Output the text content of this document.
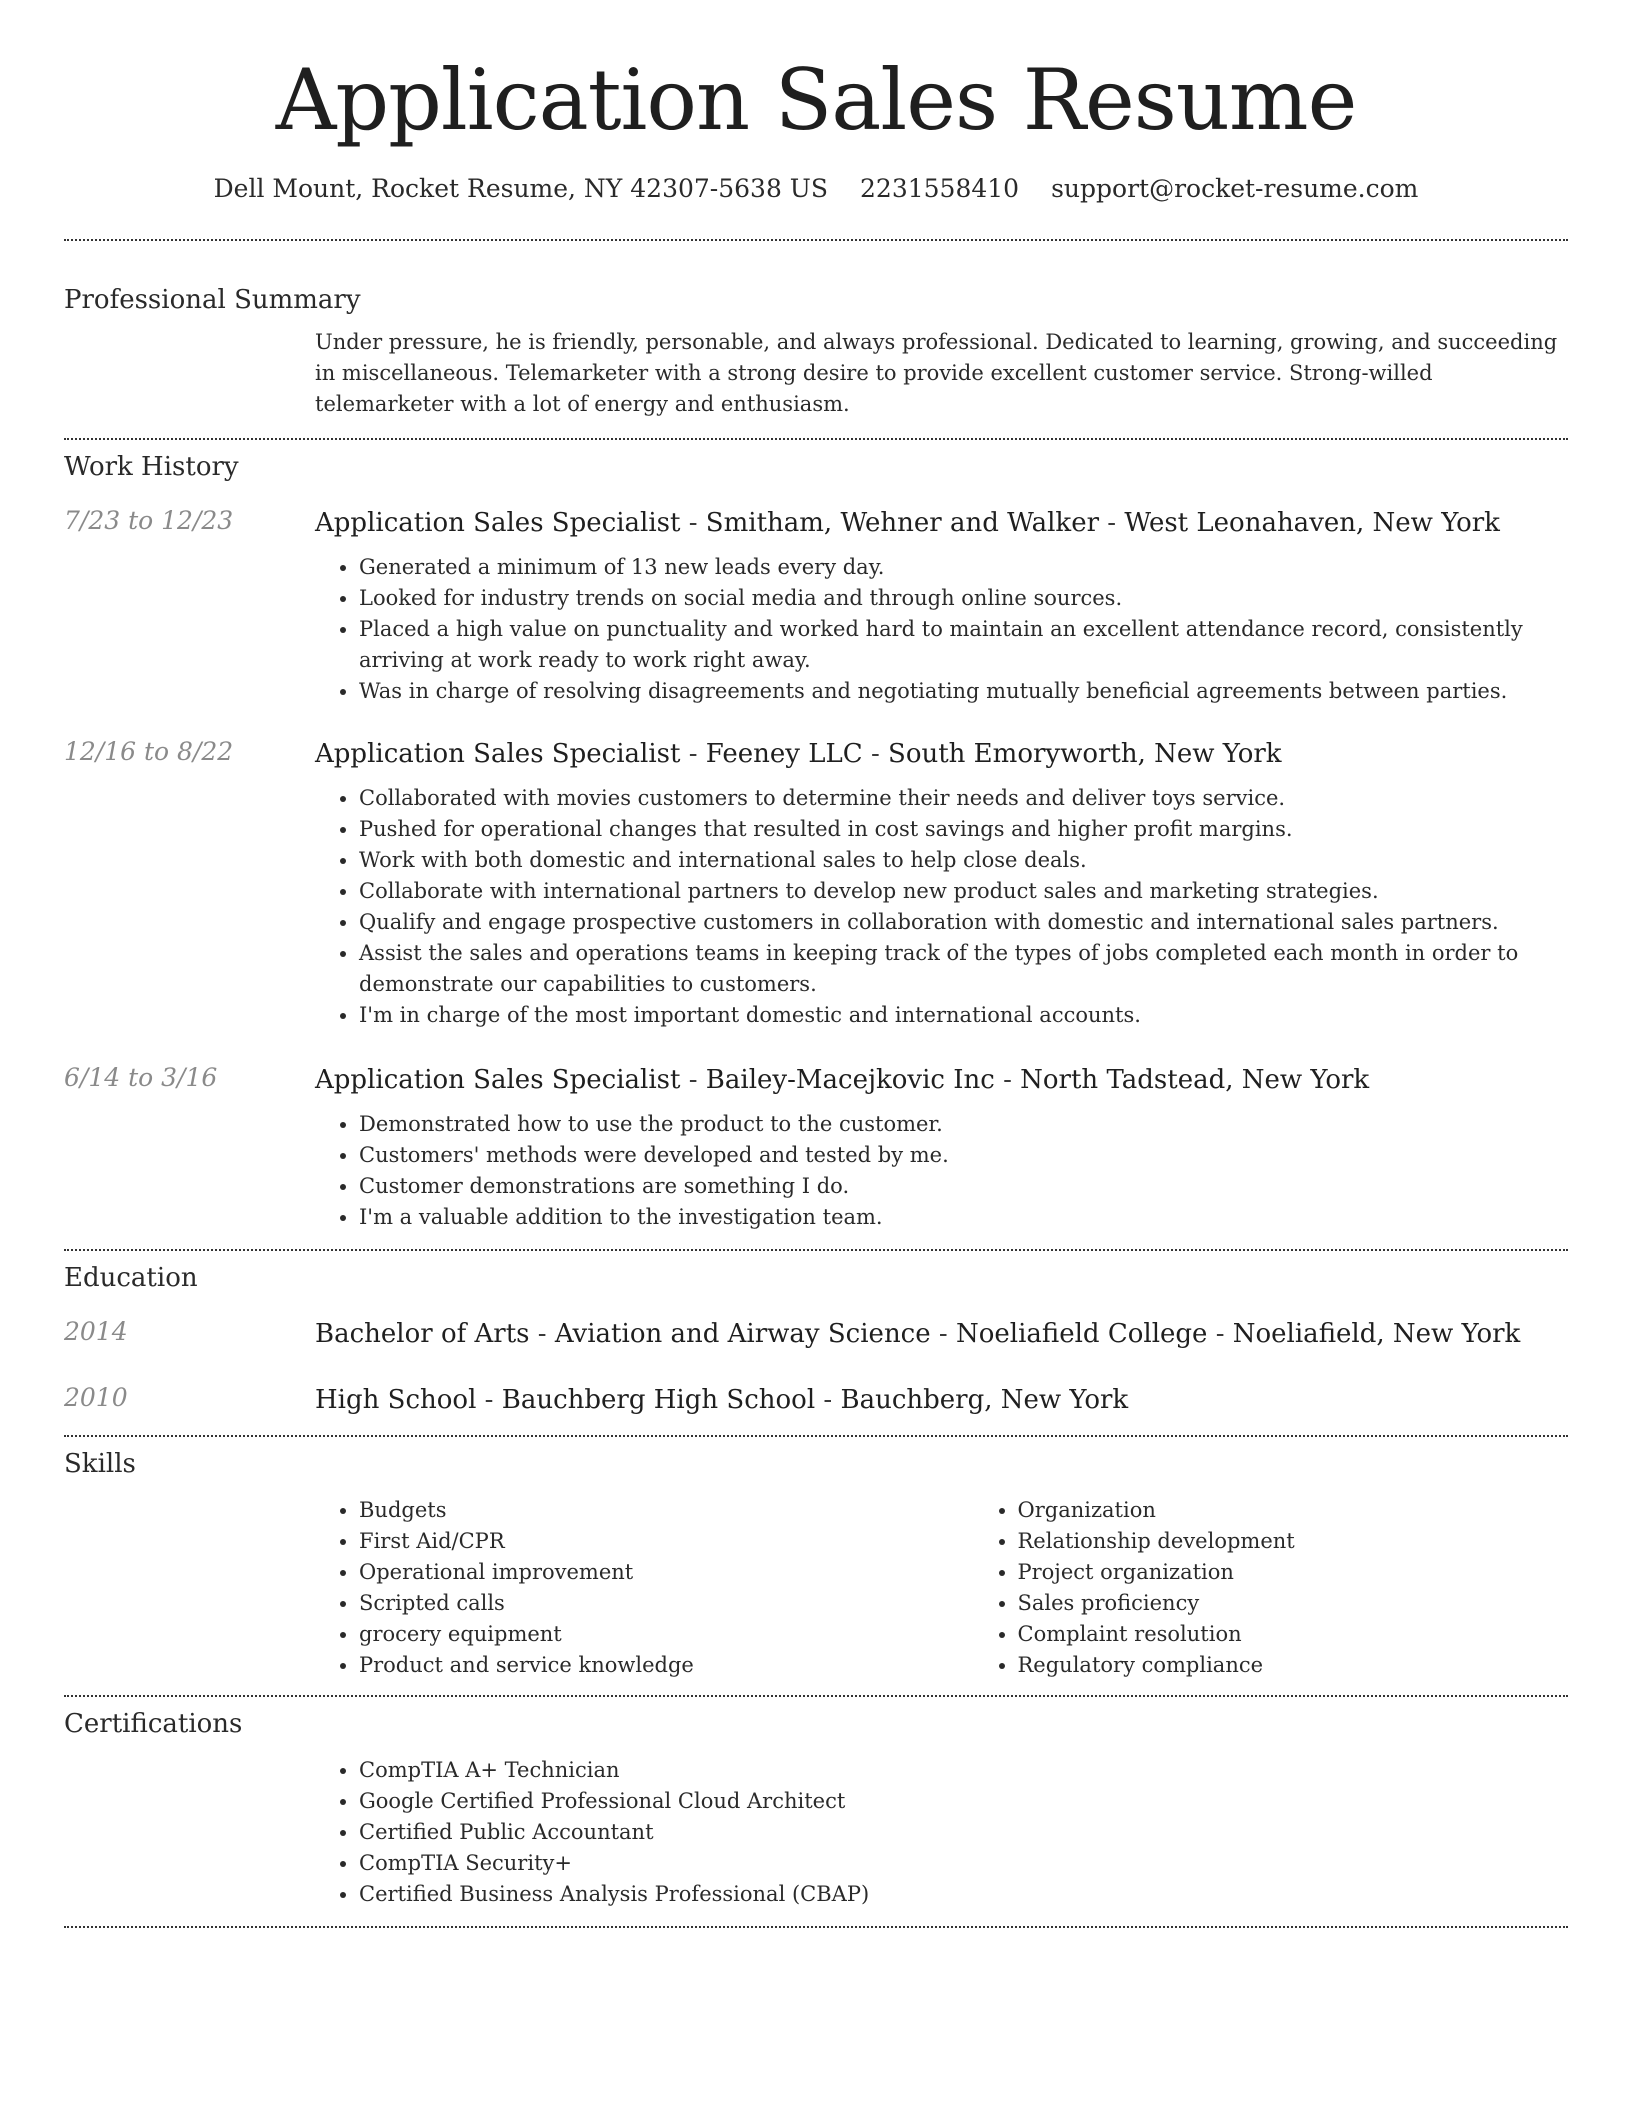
Application Sales Resume
Dell Mount, Rocket Resume, NY 42307-5638 US 2231558410 support@rocket-resume.com
Professional Summary

Under pressure, he is friendly, personable, and always professional. Dedicated to learning, growing, and succeeding in miscellaneous. Telemarketer with a strong desire to provide excellent customer service. Strong-willed telemarketer with a lot of energy and enthusiasm.

Work History
7/23 to 12/23	Application Sales Specialist - Smitham, Wehner and Walker - West Leonahaven, New York

• Generated a minimum of 13 new leads every day.
• Looked for industry trends on social media and through online sources.
• Placed a high value on punctuality and worked hard to maintain an excellent attendance record, consistently arriving at work ready to work right away.
• Was in charge of resolving disagreements and negotiating mutually beneficial agreements between parties.
12/16 to 8/22	Application Sales Specialist - Feeney LLC - South Emoryworth, New York

• Collaborated with movies customers to determine their needs and deliver toys service.
• Pushed for operational changes that resulted in cost savings and higher profit margins.
• Work with both domestic and international sales to help close deals.
• Collaborate with international partners to develop new product sales and marketing strategies.
• Qualify and engage prospective customers in collaboration with domestic and international sales partners.
• Assist the sales and operations teams in keeping track of the types of jobs completed each month in order to demonstrate our capabilities to customers.
• I'm in charge of the most important domestic and international accounts.
6/14 to 3/16	Application Sales Specialist - Bailey-Macejkovic Inc - North Tadstead, New York

• Demonstrated how to use the product to the customer.
• Customers' methods were developed and tested by me.
• Customer demonstrations are something I do.
• I'm a valuable addition to the investigation team.
Education
2014	Bachelor of Arts - Aviation and Airway Science - Noeliafield College - Noeliafield, New York

2010	High School - Bauchberg High School - Bauchberg, New York

Skills
• Budgets
• First Aid/CPR
• Operational improvement
• Scripted calls
• grocery equipment
• Product and service knowledge
• Organization
• Relationship development
• Project organization
• Sales proficiency
• Complaint resolution
• Regulatory compliance
Certifications
• CompTIA A+ Technician
• Google Certified Professional Cloud Architect
• Certified Public Accountant
• CompTIA Security+
• Certified Business Analysis Professional (CBAP)
